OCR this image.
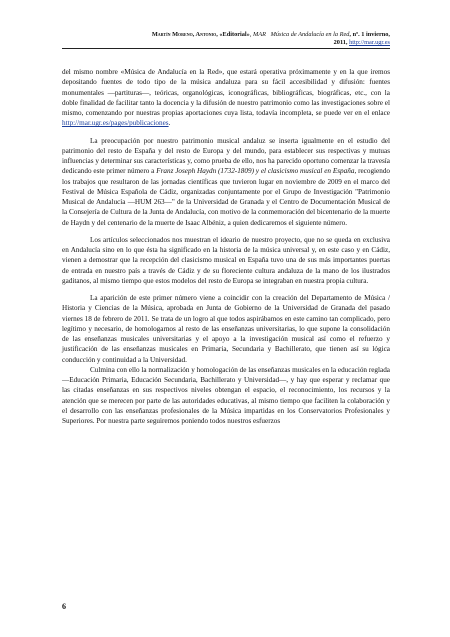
Martín Moreno, Antonio, «Editorial», MAR Música de Andalucía en la Red, nº. 1 invierno,
2011, http://mar.ugr.es

del mismo nombre «Música de Andalucía en la Red», que estará operativa próximamente y en la que iremos depositando fuentes de todo tipo de la música andaluza para su fácil accesibilidad y difusión: fuentes monumentales —partituras—, teóricas, organológicas, iconográficas, bibliográficas, biográficas, etc., con la doble finalidad de facilitar tanto la docencia y la difusión de nuestro patrimonio como las investigaciones sobre el mismo, comenzando por nuestras propias aportaciones cuya lista, todavía incompleta, se puede ver en el enlace http://mar.ugr.es/pages/publicaciones.

La preocupación por nuestro patrimonio musical andaluz se inserta igualmente en el estudio del patrimonio del resto de España y del resto de Europa y del mundo, para establecer sus respectivas y mutuas influencias y determinar sus características y, como prueba de ello, nos ha parecido oportuno comenzar la travesía dedicando este primer número a Franz Joseph Haydn (1732-1809) y el clasicismo musical en España, recogiendo los trabajos que resultaron de las jornadas científicas que tuvieron lugar en noviembre de 2009 en el marco del Festival de Música Española de Cádiz, organizadas conjuntamente por el Grupo de Investigación "Patrimonio Musical de Andalucía —HUM 263—" de la Universidad de Granada y el Centro de Documentación Musical de la Consejería de Cultura de la Junta de Andalucía, con motivo de la conmemoración del bicentenario de la muerte de Haydn y del centenario de la muerte de Isaac Albéniz, a quien dedicaremos el siguiente número.

Los artículos seleccionados nos muestran el ideario de nuestro proyecto, que no se queda en exclusiva en Andalucía sino en lo que ésta ha significado en la historia de la música universal y, en este caso y en Cádiz, vienen a demostrar que la recepción del clasicismo musical en España tuvo una de sus más importantes puertas de entrada en nuestro país a través de Cádiz y de su floreciente cultura andaluza de la mano de los ilustrados gaditanos, al mismo tiempo que estos modelos del resto de Europa se integraban en nuestra propia cultura.

La aparición de este primer número viene a coincidir con la creación del Departamento de Música / Historia y Ciencias de la Música, aprobada en Junta de Gobierno de la Universidad de Granada del pasado viernes 18 de febrero de 2011. Se trata de un logro al que todos aspirábamos en este camino tan complicado, pero legítimo y necesario, de homologarnos al resto de las enseñanzas universitarias, lo que supone la consolidación de las enseñanzas musicales universitarias y el apoyo a la investigación musical así como el refuerzo y justificación de las enseñanzas musicales en Primaria, Secundaria y Bachillerato, que tienen así su lógica conducción y continuidad a la Universidad.

Culmina con ello la normalización y homologación de las enseñanzas musicales en la educación reglada —Educación Primaria, Educación Secundaria, Bachillerato y Universidad—, y hay que esperar y reclamar que las citadas enseñanzas en sus respectivos niveles obtengan el espacio, el reconocimiento, los recursos y la atención que se merecen por parte de las autoridades educativas, al mismo tiempo que faciliten la colaboración y el desarrollo con las enseñanzas profesionales de la Música impartidas en los Conservatorios Profesionales y Superiores. Por nuestra parte seguiremos poniendo todos nuestros esfuerzos

6
